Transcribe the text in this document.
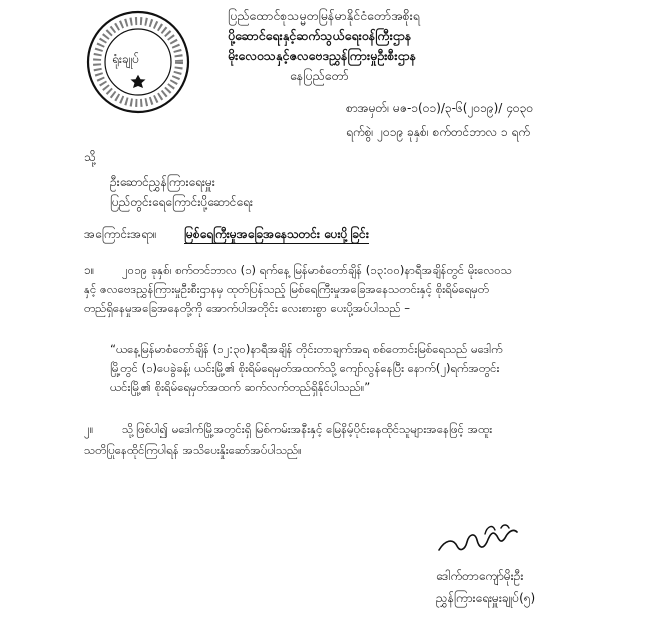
ရုံးချုပ်
ပြည်ထောင်စုသမ္မတမြန်မာနိုင်ငံတော်အစိုးရ
ပို့ဆောင်ရေးနှင့်ဆက်သွယ်ရေးဝန်ကြီးဌာန
မိုးလေဝသနှင့်ဇလဗေဒညွှန်ကြားမှုဦးစီးဌာန
နေပြည်တော်
စာအမှတ်၊ မဇ-၁(၀၁)/၃-၆(၂၀၁၉)/ ၄၀၃၀
ရက်စွဲ၊ ၂၀၁၉ ခုနှစ်၊ စက်တင်ဘာလ ၁ ရက်
သို့
ဦးဆောင်ညွှန်ကြားရေးမှူး
ပြည်တွင်းရေကြောင်းပို့ဆောင်ရေး
အကြောင်းအရာ။ မြစ်ရေကြီးမှုအခြေအနေသတင်း ပေးပို့ခြင်း
၁။ ၂၀၁၉ ခုနှစ်၊ စက်တင်ဘာလ (၁) ရက်နေ့ မြန်မာစံတော်ချိန် (၁၃:၀၀)နာရီအချိန်တွင် မိုးလေဝသ
နှင့် ဇလဗေဒညွှန်ကြားမှုဦးစီးဌာနမှ ထုတ်ပြန်သည့် မြစ်ရေကြီးမှုအခြေအနေသတင်းနှင့် စိုးရိမ်ရေမှတ်
တည်ရှိနေမှုအခြေအနေတို့ကို အောက်ပါအတိုင်း လေးစားစွာ ပေးပို့အပ်ပါသည် –
“ယနေ့မြန်မာစံတော်ချိန် (၁၂:၃၀)နာရီအချိန် တိုင်းတာချက်အရ စစ်တောင်းမြစ်ရေသည် မဒေါက်
မြို့တွင် (၁)ပေခွဲခန့်၊ ယင်းမြို့၏ စိုးရိမ်ရေမှတ်အထက်သို့ ကျော်လွန်နေပြီး နောက်(၂)ရက်အတွင်း
ယင်းမြို့၏ စိုးရိမ်ရေမှတ်အထက် ဆက်လက်တည်ရှိနိုင်ပါသည်။”
၂။ သို့ဖြစ်ပါ၍ မဒေါက်မြို့အတွင်းရှိ မြစ်ကမ်းအနီးနှင့် မြေနိမ့်ပိုင်းနေထိုင်သူများအနေဖြင့် အထူး
သတိပြုနေထိုင်ကြပါရန် အသိပေးနှိုးဆော်အပ်ပါသည်။
ဒေါက်တာကျော်မိုးဦး
ညွှန်ကြားရေးမှူးချုပ်(၅)
